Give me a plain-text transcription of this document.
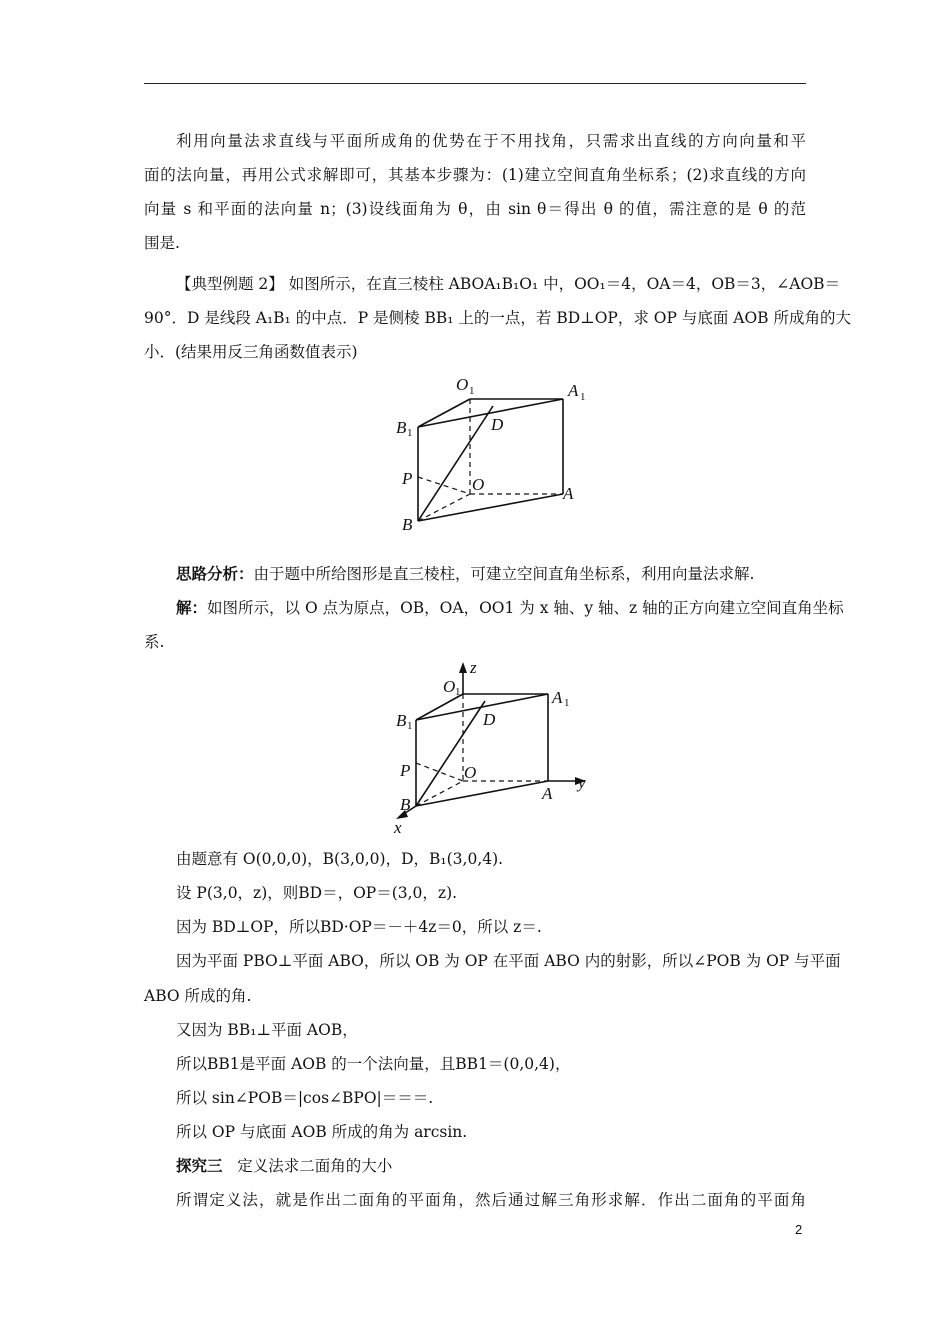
利用向量法求直线与平面所成角的优势在于不用找角，只需求出直线的方向向量和平
面的法向量，再用公式求解即可，其基本步骤为：(1)建立空间直角坐标系；(2)求直线的方向
向量 s 和平面的法向量 n；(3)设线面角为 θ，由 sin θ＝得出 θ 的值，需注意的是 θ 的范
围是.
【典型例题 2】 如图所示，在直三棱柱 ABOA₁B₁O₁ 中，OO₁＝4，OA＝4，OB＝3，∠AOB＝
90°．D 是线段 A₁B₁ 的中点．P 是侧棱 BB₁ 上的一点，若 BD⊥OP，求 OP 与底面 AOB 所成角的大
小．(结果用反三角函数值表示)
O 1	A 1
B 1	D
P	O	A
B
思路分析：由于题中所给图形是直三棱柱，可建立空间直角坐标系，利用向量法求解.
解：如图所示，以 O 点为原点，OB，OA，OO1 为 x 轴、y 轴、z 轴的正方向建立空间直角坐标
系.
z
y
x
O 1	A 1
B 1	D
P	O
A
B
由题意有 O(0,0,0)，B(3,0,0)，D，B₁(3,0,4).
设 P(3,0，z)，则BD＝，OP＝(3,0，z).
因为 BD⊥OP，所以BD·OP＝－＋4z＝0，所以 z＝.
因为平面 PBO⊥平面 ABO，所以 OB 为 OP 在平面 ABO 内的射影，所以∠POB 为 OP 与平面
ABO 所成的角.
又因为 BB₁⊥平面 AOB，
所以BB1是平面 AOB 的一个法向量，且BB1＝(0,0,4)，
所以 sin∠POB＝|cos∠BPO|＝＝＝.
所以 OP 与底面 AOB 所成的角为 arcsin.
探究三 定义法求二面角的大小
所谓定义法，就是作出二面角的平面角，然后通过解三角形求解．作出二面角的平面角
2
